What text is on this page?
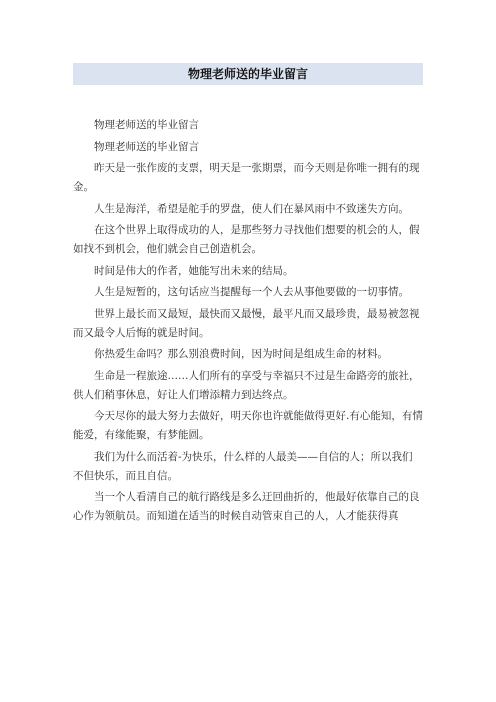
物理老师送的毕业留言

物理老师送的毕业留言

物理老师送的毕业留言

昨天是一张作废的支票，明天是一张期票，而今天则是你唯一拥有的现金。

人生是海洋，希望是舵手的罗盘，使人们在暴风雨中不致迷失方向。

在这个世界上取得成功的人，是那些努力寻找他们想要的机会的人，假如找不到机会，他们就会自己创造机会。

时间是伟大的作者，她能写出未来的结局。

人生是短暂的，这句话应当提醒每一个人去从事他要做的一切事情。

世界上最长而又最短，最快而又最慢，最平凡而又最珍贵，最易被忽视而又最令人后悔的就是时间。

你热爱生命吗？那么别浪费时间，因为时间是组成生命的材料。

生命是一程旅途……人们所有的享受与幸福只不过是生命路旁的旅社，供人们稍事休息，好让人们增添精力到达终点。

今天尽你的最大努力去做好，明天你也许就能做得更好.有心能知，有情能爱，有缘能聚，有梦能圆。

我们为什么而活着-为快乐，什么样的人最美——自信的人；所以我们不但快乐，而且自信。

当一个人看清自己的航行路线是多么迂回曲折的，他最好依靠自己的良心作为领航员。而知道在适当的时候自动管束自己的人，人才能获得真
